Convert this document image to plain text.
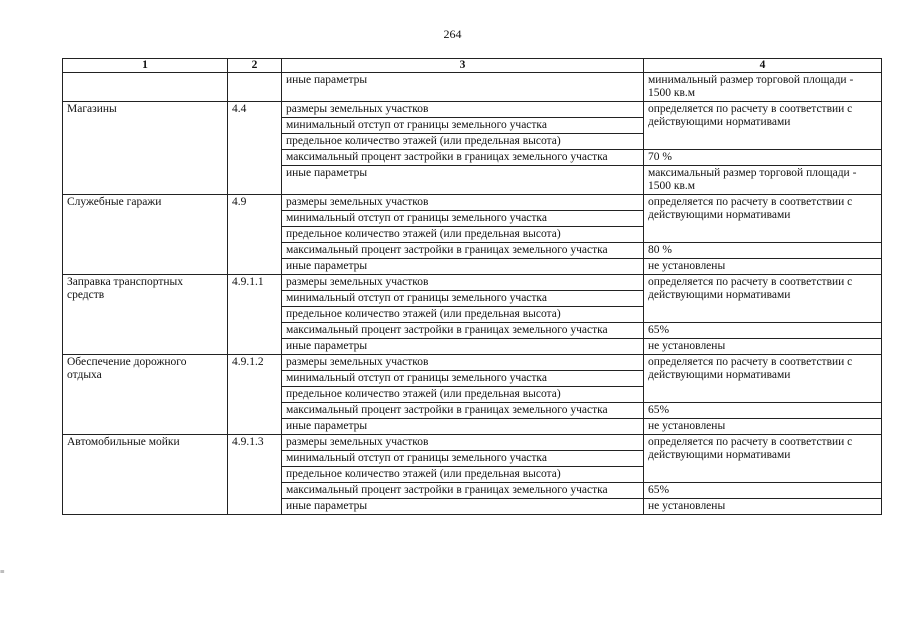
264
1	2	3	4
		иные параметры	минимальный размер торговой площади - 1500 кв.м
Магазины	4.4	размеры земельных участков	определяется по расчету в соответствии с действующими нормативами
		минимальный отступ от границы земельного участка	
		предельное количество этажей (или предельная высота)	
		максимальный процент застройки в границах земельного участка	70 %
		иные параметры	максимальный размер торговой площади - 1500 кв.м
Служебные гаражи	4.9	размеры земельных участков	определяется по расчету в соответствии с действующими нормативами
		минимальный отступ от границы земельного участка	
		предельное количество этажей (или предельная высота)	
		максимальный процент застройки в границах земельного участка	80 %
		иные параметры	не установлены
Заправка транспортных средств	4.9.1.1	размеры земельных участков	определяется по расчету в соответствии с действующими нормативами
		минимальный отступ от границы земельного участка	
		предельное количество этажей (или предельная высота)	
		максимальный процент застройки в границах земельного участка	65%
		иные параметры	не установлены
Обеспечение дорожного отдыха	4.9.1.2	размеры земельных участков	определяется по расчету в соответствии с действующими нормативами
		минимальный отступ от границы земельного участка	
		предельное количество этажей (или предельная высота)	
		максимальный процент застройки в границах земельного участка	65%
		иные параметры	не установлены
Автомобильные мойки	4.9.1.3	размеры земельных участков	определяется по расчету в соответствии с действующими нормативами
		минимальный отступ от границы земельного участка	
		предельное количество этажей (или предельная высота)	
		максимальный процент застройки в границах земельного участка	65%
		иные параметры	не установлены
≡
